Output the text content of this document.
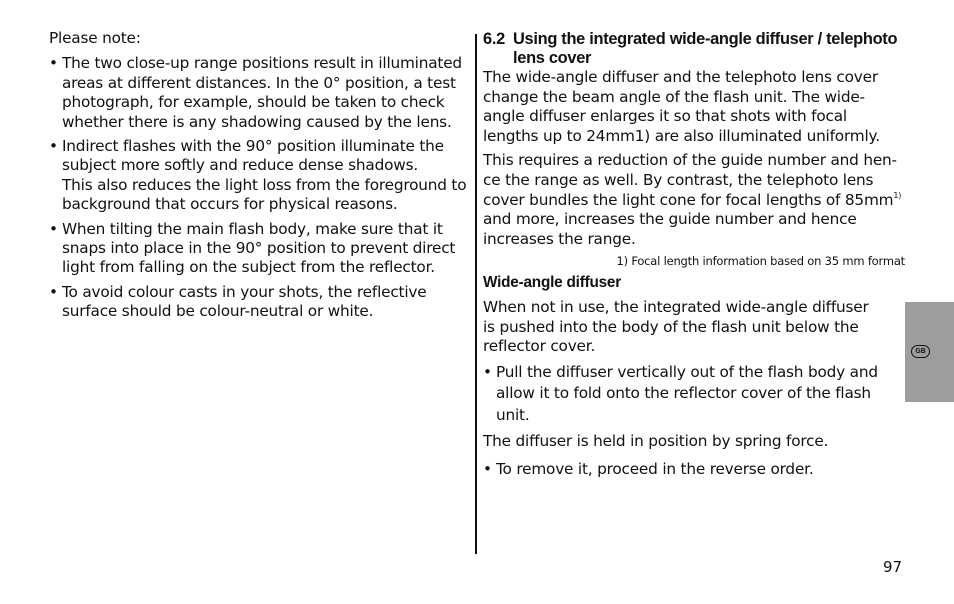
Please note:

• The two close-up range positions result in illuminated areas at different distances. In the 0° position, a test photograph, for example, should be taken to check whether there is any shadowing caused by the lens.
• Indirect flashes with the 90° position illuminate the subject more softly and reduce dense shadows.
This also reduces the light loss from the foreground to background that occurs for physical reasons.
• When tilting the main flash body, make sure that it snaps into place in the 90° position to prevent direct light from falling on the subject from the reflector.
• To avoid colour casts in your shots, the reflective surface should be colour-neutral or white.
6.2 Using the integrated wide-angle diffuser / telephoto lens cover

The wide-angle diffuser and the telephoto lens cover change the beam angle of the flash unit. The wide-angle diffuser enlarges it so that shots with focal lengths up to 24mm1) are also illuminated uniformly.

This requires a reduction of the guide number and hen-ce the range as well. By contrast, the telephoto lens cover bundles the light cone for focal lengths of $85mm^{1)}$ and more, increases the guide number and hence increases the range.

1) Focal length information based on 35 mm format

Wide-angle diffuser

When not in use, the integrated wide-angle diffuser is pushed into the body of the flash unit below the reflector cover.

• Pull the diffuser vertically out of the flash body and allow it to fold onto the reflector cover of the flash unit.

The diffuser is held in position by spring force.

• To remove it, proceed in the reverse order.
GB
97
